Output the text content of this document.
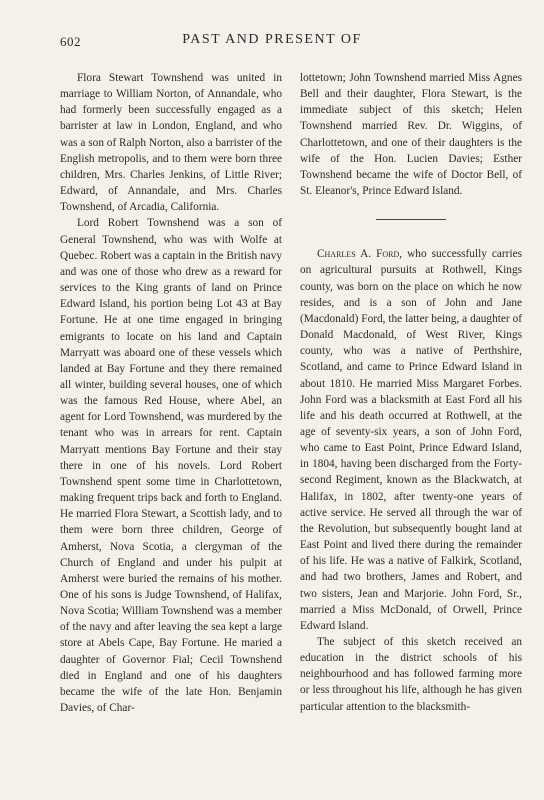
602	PAST AND PRESENT OF

Flora Stewart Townshend was united in marriage to William Norton, of Annandale, who had formerly been successfully engaged as a barrister at law in London, England, and who was a son of Ralph Norton, also a barrister of the English metropolis, and to them were born three children, Mrs. Charles Jenkins, of Little River; Edward, of Annandale, and Mrs. Charles Townshend, of Arcadia, California.

Lord Robert Townshend was a son of General Townshend, who was with Wolfe at Quebec. Robert was a captain in the British navy and was one of those who drew as a reward for services to the King grants of land on Prince Edward Island, his portion being Lot 43 at Bay Fortune. He at one time engaged in bringing emigrants to locate on his land and Captain Marryatt was aboard one of these vessels which landed at Bay Fortune and they there remained all winter, building several houses, one of which was the famous Red House, where Abel, an agent for Lord Townshend, was murdered by the tenant who was in arrears for rent. Captain Marryatt mentions Bay Fortune and their stay there in one of his novels. Lord Robert Townshend spent some time in Charlottetown, making frequent trips back and forth to England. He married Flora Stewart, a Scottish lady, and to them were born three children, George of Amherst, Nova Scotia, a clergyman of the Church of England and under his pulpit at Amherst were buried the remains of his mother. One of his sons is Judge Townshend, of Halifax, Nova Scotia; William Townshend was a member of the navy and after leaving the sea kept a large store at Abels Cape, Bay Fortune. He maried a daughter of Governor Fial; Cecil Townshend died in England and one of his daughters became the wife of the late Hon. Benjamin Davies, of Char-

lottetown; John Townshend married Miss Agnes Bell and their daughter, Flora Stewart, is the immediate subject of this sketch; Helen Townshend married Rev. Dr. Wiggins, of Charlottetown, and one of their daughters is the wife of the Hon. Lucien Davies; Esther Townshend became the wife of Doctor Bell, of St. Eleanor's, Prince Edward Island.

Charles A. Ford, who successfully carries on agricultural pursuits at Rothwell, Kings county, was born on the place on which he now resides, and is a son of John and Jane (Macdonald) Ford, the latter being, a daughter of Donald Macdonald, of West River, Kings county, who was a native of Perthshire, Scotland, and came to Prince Edward Island in about 1810. He married Miss Margaret Forbes. John Ford was a blacksmith at East Ford all his life and his death occurred at Rothwell, at the age of seventy-six years, a son of John Ford, who came to East Point, Prince Edward Island, in 1804, having been discharged from the Forty-second Regiment, known as the Blackwatch, at Halifax, in 1802, after twenty-one years of active service. He served all through the war of the Revolution, but subsequently bought land at East Point and lived there during the remainder of his life. He was a native of Falkirk, Scotland, and had two brothers, James and Robert, and two sisters, Jean and Marjorie. John Ford, Sr., married a Miss McDonald, of Orwell, Prince Edward Island.

The subject of this sketch received an education in the district schools of his neighbourhood and has followed farming more or less throughout his life, although he has given particular attention to the blacksmith-
